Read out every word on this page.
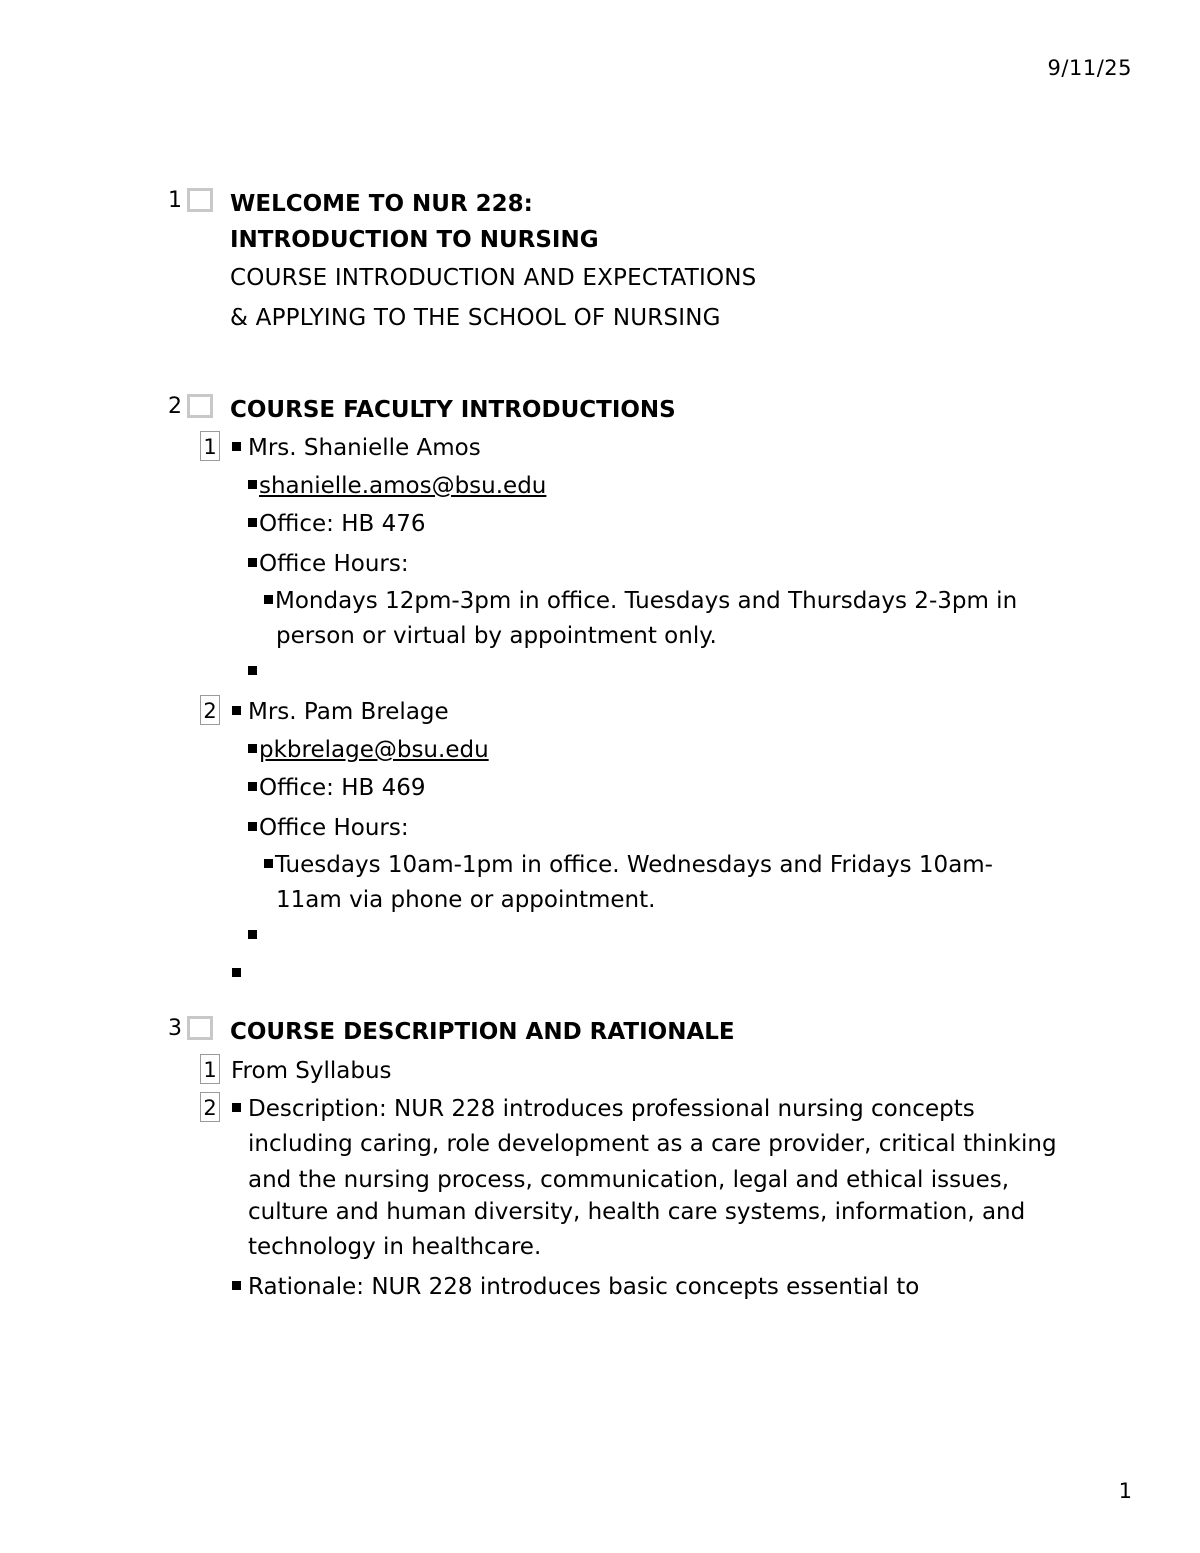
9/11/25
1 WELCOME TO NUR 228:
INTRODUCTION TO NURSING
COURSE INTRODUCTION AND EXPECTATIONS
& APPLYING TO THE SCHOOL OF NURSING
2 COURSE FACULTY INTRODUCTIONS
1	Mrs. Shanielle Amos
shanielle.amos@bsu.edu
Office: HB 476
Office Hours:
Mondays 12pm-3pm in office. Tuesdays and Thursdays 2-3pm in
person or virtual by appointment only.
2	Mrs. Pam Brelage
pkbrelage@bsu.edu
Office: HB 469
Office Hours:
Tuesdays 10am-1pm in office. Wednesdays and Fridays 10am-
11am via phone or appointment.
3 COURSE DESCRIPTION AND RATIONALE
1 From Syllabus
2	Description: NUR 228 introduces professional nursing concepts
including caring, role development as a care provider, critical thinking
and the nursing process, communication, legal and ethical issues,
culture and human diversity, health care systems, information, and
technology in healthcare.
Rationale: NUR 228 introduces basic concepts essential to
1
